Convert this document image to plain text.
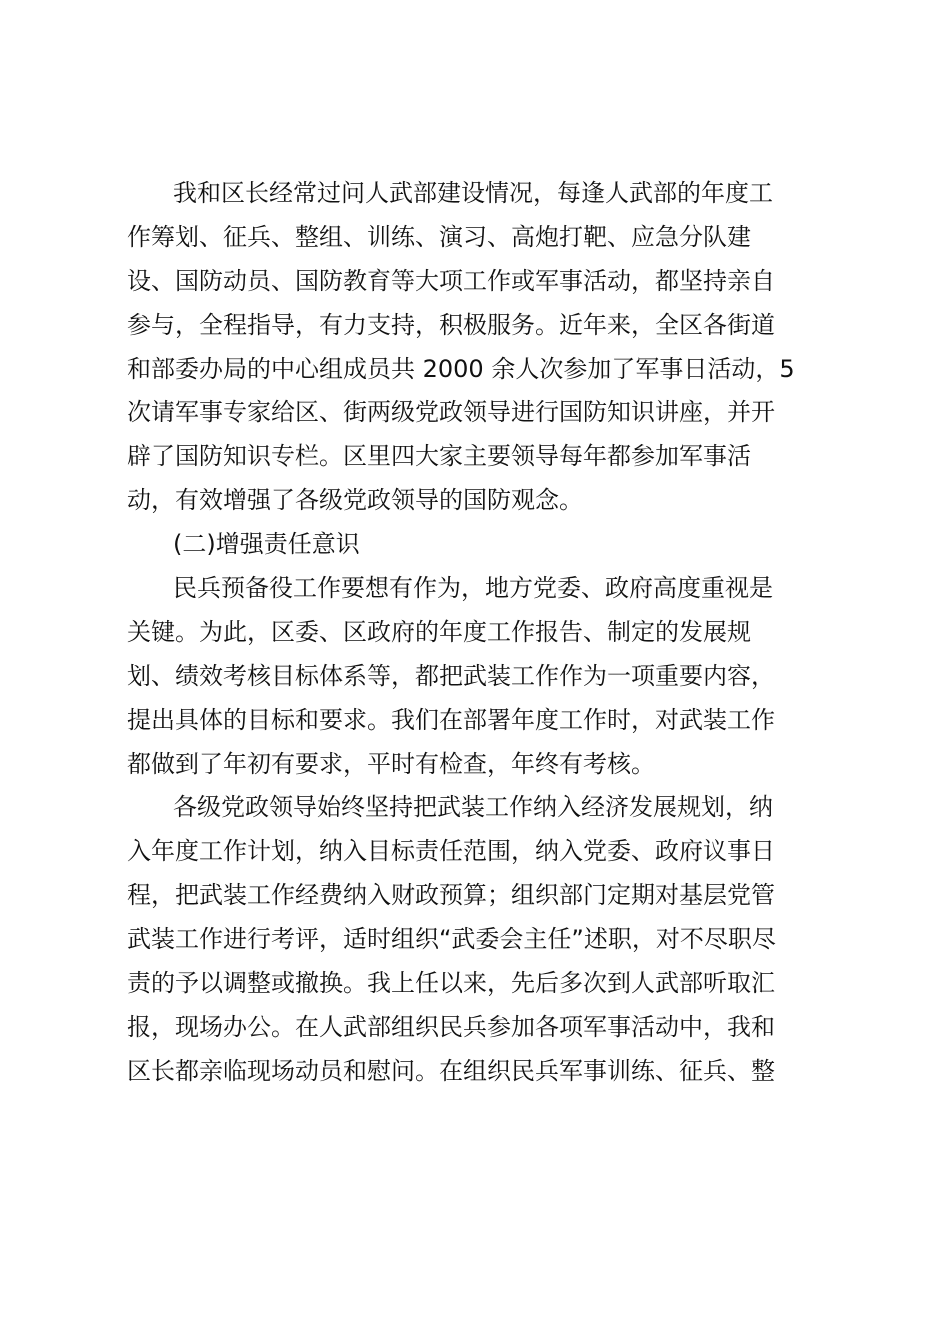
我和区长经常过问人武部建设情况，每逢人武部的年度工
作筹划、征兵、整组、训练、演习、高炮打靶、应急分队建
设、国防动员、国防教育等大项工作或军事活动，都坚持亲自
参与，全程指导，有力支持，积极服务。近年来，全区各街道
和部委办局的中心组成员共 2000 余人次参加了军事日活动，5
次请军事专家给区、街两级党政领导进行国防知识讲座，并开
辟了国防知识专栏。区里四大家主要领导每年都参加军事活
动，有效增强了各级党政领导的国防观念。
(二)增强责任意识
民兵预备役工作要想有作为，地方党委、政府高度重视是
关键。为此，区委、区政府的年度工作报告、制定的发展规
划、绩效考核目标体系等，都把武装工作作为一项重要内容，
提出具体的目标和要求。我们在部署年度工作时，对武装工作
都做到了年初有要求，平时有检查，年终有考核。
各级党政领导始终坚持把武装工作纳入经济发展规划，纳
入年度工作计划，纳入目标责任范围，纳入党委、政府议事日
程，把武装工作经费纳入财政预算；组织部门定期对基层党管
武装工作进行考评，适时组织“武委会主任”述职，对不尽职尽
责的予以调整或撤换。我上任以来，先后多次到人武部听取汇
报，现场办公。在人武部组织民兵参加各项军事活动中，我和
区长都亲临现场动员和慰问。在组织民兵军事训练、征兵、整
